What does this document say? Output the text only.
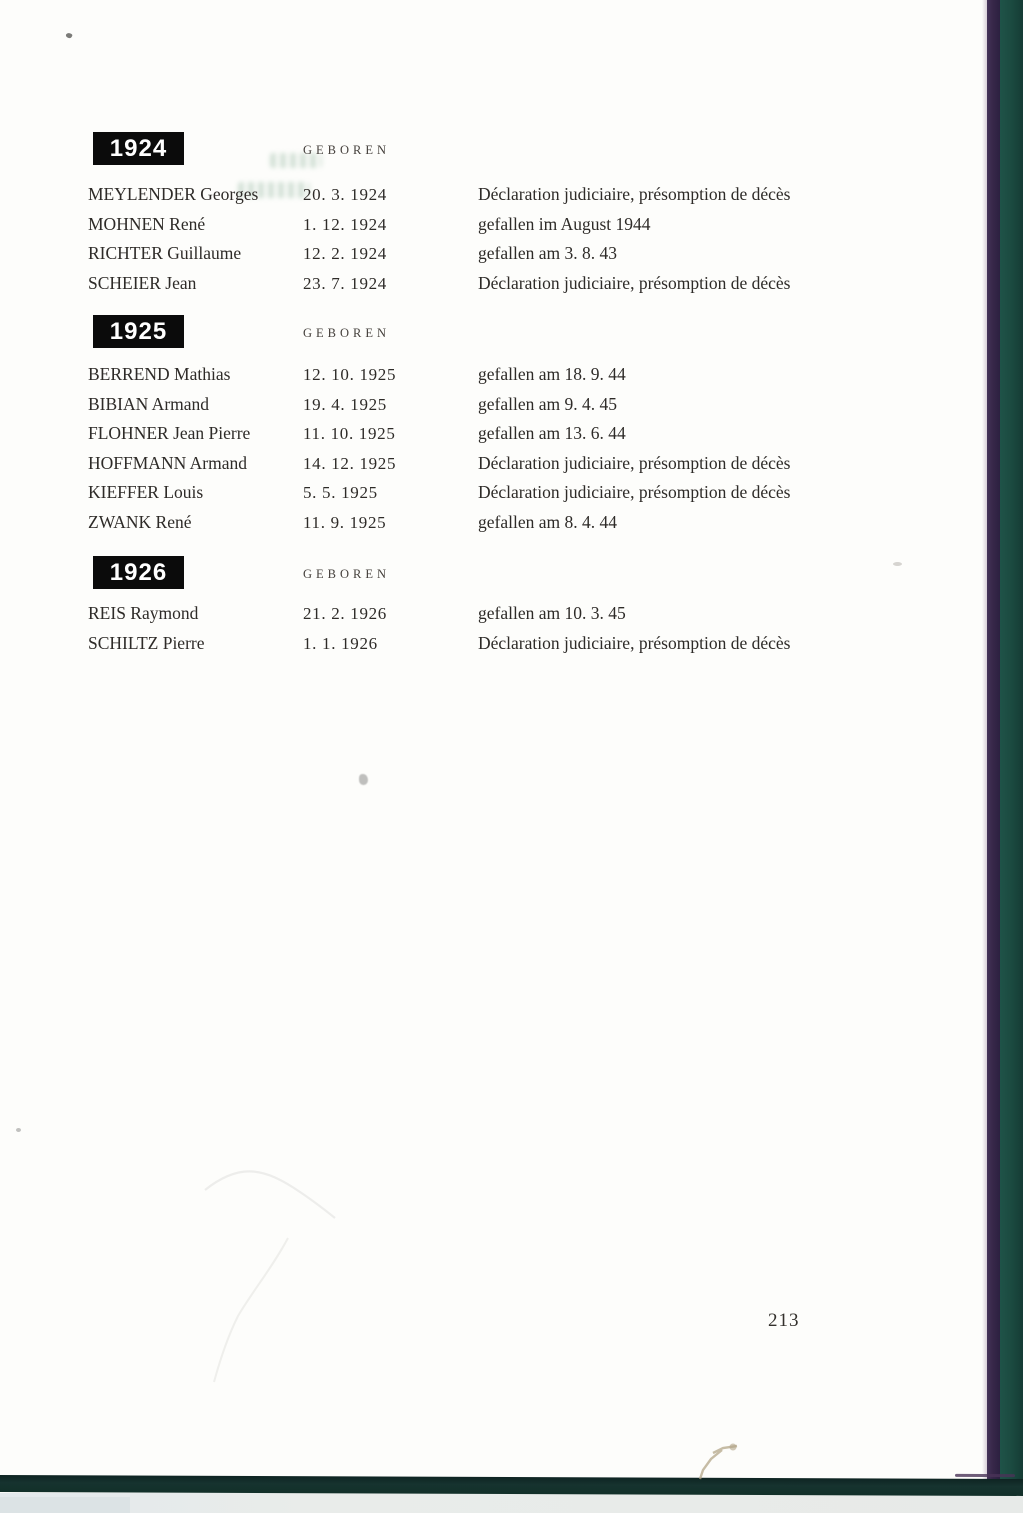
1924	GEBOREN
MEYLENDER Georges	20. 3. 1924	Déclaration judiciaire, présomption de décès
MOHNEN René	1. 12. 1924	gefallen im August 1944
RICHTER Guillaume	12. 2. 1924	gefallen am 3. 8. 43
SCHEIER Jean	23. 7. 1924	Déclaration judiciaire, présomption de décès
1925	GEBOREN
BERREND Mathias	12. 10. 1925	gefallen am 18. 9. 44
BIBIAN Armand	19. 4. 1925	gefallen am 9. 4. 45
FLOHNER Jean Pierre	11. 10. 1925	gefallen am 13. 6. 44
HOFFMANN Armand	14. 12. 1925	Déclaration judiciaire, présomption de décès
KIEFFER Louis	5. 5. 1925	Déclaration judiciaire, présomption de décès
ZWANK René	11. 9. 1925	gefallen am 8. 4. 44
1926	GEBOREN
REIS Raymond	21. 2. 1926	gefallen am 10. 3. 45
SCHILTZ Pierre	1. 1. 1926	Déclaration judiciaire, présomption de décès
213
